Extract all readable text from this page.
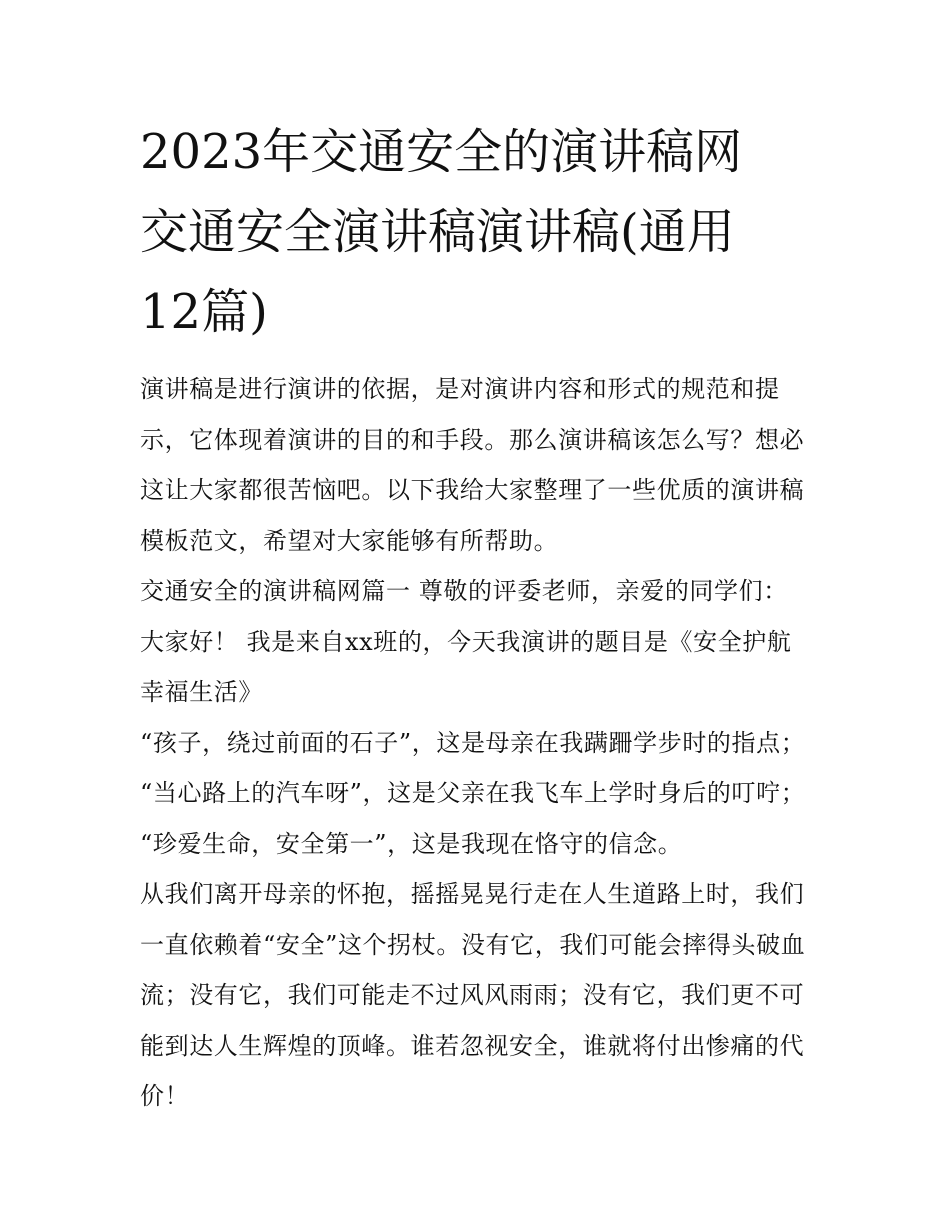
2023年交通安全的演讲稿网
交通安全演讲稿演讲稿(通用
12篇)

演讲稿是进行演讲的依据，是对演讲内容和形式的规范和提
示，它体现着演讲的目的和手段。那么演讲稿该怎么写？想必
这让大家都很苦恼吧。以下我给大家整理了一些优质的演讲稿
模板范文，希望对大家能够有所帮助。

交通安全的演讲稿网篇一 尊敬的评委老师，亲爱的同学们：

大家好！ 我是来自xx班的，今天我演讲的题目是《安全护航
幸福生活》

“孩子，绕过前面的石子”，这是母亲在我蹒跚学步时的指点；

“当心路上的汽车呀”，这是父亲在我飞车上学时身后的叮咛；

“珍爱生命，安全第一”，这是我现在恪守的信念。

从我们离开母亲的怀抱，摇摇晃晃行走在人生道路上时，我们
一直依赖着“安全”这个拐杖。没有它，我们可能会摔得头破血
流；没有它，我们可能走不过风风雨雨；没有它，我们更不可
能到达人生辉煌的顶峰。谁若忽视安全，谁就将付出惨痛的代
价！
